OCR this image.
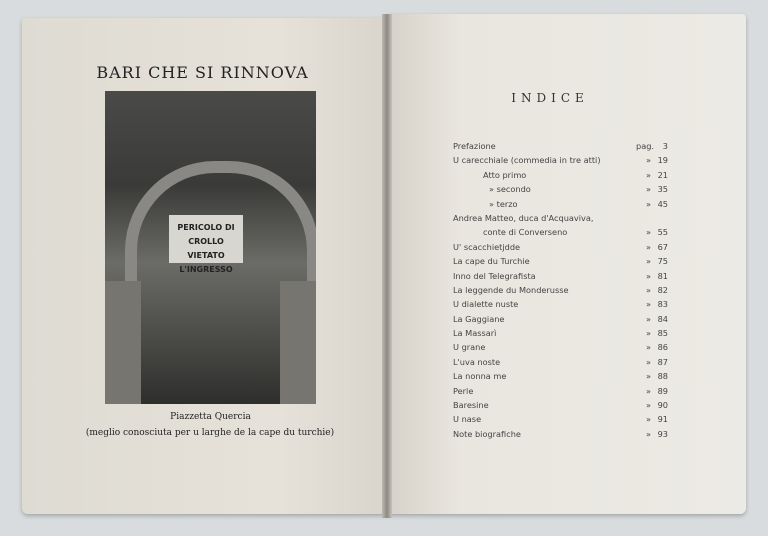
BARI CHE SI RINNOVA
PERICOLO DI CROLLO
VIETATO L'INGRESSO
Piazzetta Quercia
(meglio conosciuta per u larghe de la cape du turchie)
INDICE
Prefazione	pag. 3
U carecchiale (commedia in tre atti)	» 19
Atto primo	» 21
» secondo	» 35
» terzo	» 45
Andrea Matteo, duca d'Acquaviva,
conte di Converseno	» 55
U' scacchietjdde	» 67
La cape du Turchie	» 75
Inno del Telegrafista	» 81
La leggende du Monderusse	» 82
U dialette nuste	» 83
La Gaggiane	» 84
La Massarì	» 85
U grane	» 86
L'uva noste	» 87
La nonna me	» 88
Perle	» 89
Baresine	» 90
U nase	» 91
Note biografiche	» 93
